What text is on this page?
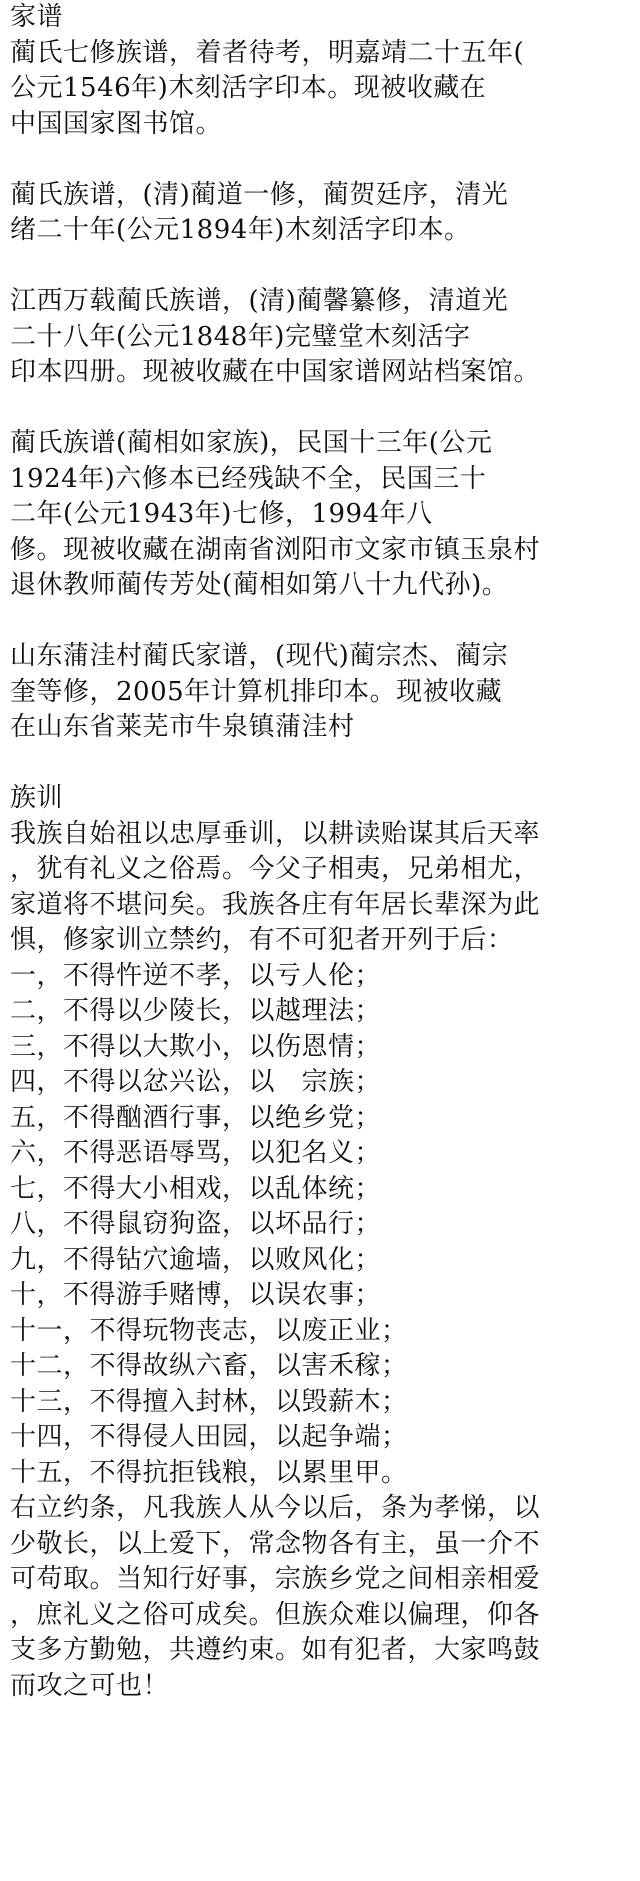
家谱
蔺氏七修族谱，着者待考，明嘉靖二十五年(
公元1546年)木刻活字印本。现被收藏在
中国国家图书馆。
蔺氏族谱，(清)蔺道一修，蔺贺廷序，清光
绪二十年(公元1894年)木刻活字印本。
江西万载蔺氏族谱，(清)蔺馨纂修，清道光
二十八年(公元1848年)完璧堂木刻活字
印本四册。现被收藏在中国家谱网站档案馆。
蔺氏族谱(蔺相如家族)，民国十三年(公元
1924年)六修本已经残缺不全，民国三十
二年(公元1943年)七修，1994年八
修。现被收藏在湖南省浏阳市文家市镇玉泉村
退休教师蔺传芳处(蔺相如第八十九代孙)。
山东蒲洼村蔺氏家谱，(现代)蔺宗杰、蔺宗
奎等修，2005年计算机排印本。现被收藏
在山东省莱芜市牛泉镇蒲洼村
族训
我族自始祖以忠厚垂训，以耕读贻谋其后天率
，犹有礼义之俗焉。今父子相夷，兄弟相尤，
家道将不堪问矣。我族各庄有年居长辈深为此
惧，修家训立禁约，有不可犯者开列于后：
一，不得忤逆不孝，以亏人伦；
二，不得以少陵长，以越理法；
三，不得以大欺小，以伤恩情；
四，不得以忿兴讼，以　宗族；
五，不得酗酒行事，以绝乡党；
六，不得恶语辱骂，以犯名义；
七，不得大小相戏，以乱体统；
八，不得鼠窃狗盗，以坏品行；
九，不得钻穴逾墙，以败风化；
十，不得游手赌博，以误农事；
十一，不得玩物丧志，以废正业；
十二，不得故纵六畜，以害禾稼；
十三，不得擅入封林，以毁薪木；
十四，不得侵人田园，以起争端；
十五，不得抗拒钱粮，以累里甲。
右立约条，凡我族人从今以后，条为孝悌，以
少敬长，以上爱下，常念物各有主，虽一介不
可苟取。当知行好事，宗族乡党之间相亲相爱
，庶礼义之俗可成矣。但族众难以偏理，仰各
支多方勤勉，共遵约束。如有犯者，大家鸣鼓
而攻之可也！
